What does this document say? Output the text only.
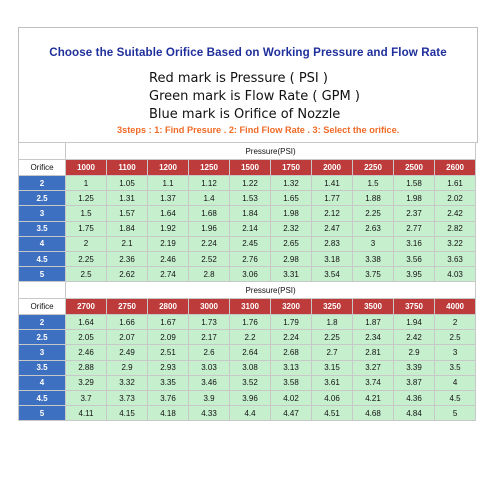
Choose the Suitable Orifice Based on Working Pressure and Flow Rate
Red mark is Pressure ( PSI )
Green mark is Flow Rate ( GPM )
Blue mark is Orifice of Nozzle
3steps : 1: Find Presure . 2: Find Flow Rate . 3: Select the orifice.
	Pressure(PSI)									
Orifice	1000	1100	1200	1250	1500	1750	2000	2250	2500	2600
2	1	1.05	1.1	1.12	1.22	1.32	1.41	1.5	1.58	1.61
2.5	1.25	1.31	1.37	1.4	1.53	1.65	1.77	1.88	1.98	2.02
3	1.5	1.57	1.64	1.68	1.84	1.98	2.12	2.25	2.37	2.42
3.5	1.75	1.84	1.92	1.96	2.14	2.32	2.47	2.63	2.77	2.82
4	2	2.1	2.19	2.24	2.45	2.65	2.83	3	3.16	3.22
4.5	2.25	2.36	2.46	2.52	2.76	2.98	3.18	3.38	3.56	3.63
5	2.5	2.62	2.74	2.8	3.06	3.31	3.54	3.75	3.95	4.03
	Pressure(PSI)									
Orifice	2700	2750	2800	3000	3100	3200	3250	3500	3750	4000
2	1.64	1.66	1.67	1.73	1.76	1.79	1.8	1.87	1.94	2
2.5	2.05	2.07	2.09	2.17	2.2	2.24	2.25	2.34	2.42	2.5
3	2.46	2.49	2.51	2.6	2.64	2.68	2.7	2.81	2.9	3
3.5	2.88	2.9	2.93	3.03	3.08	3.13	3.15	3.27	3.39	3.5
4	3.29	3.32	3.35	3.46	3.52	3.58	3.61	3.74	3.87	4
4.5	3.7	3.73	3.76	3.9	3.96	4.02	4.06	4.21	4.36	4.5
5	4.11	4.15	4.18	4.33	4.4	4.47	4.51	4.68	4.84	5
